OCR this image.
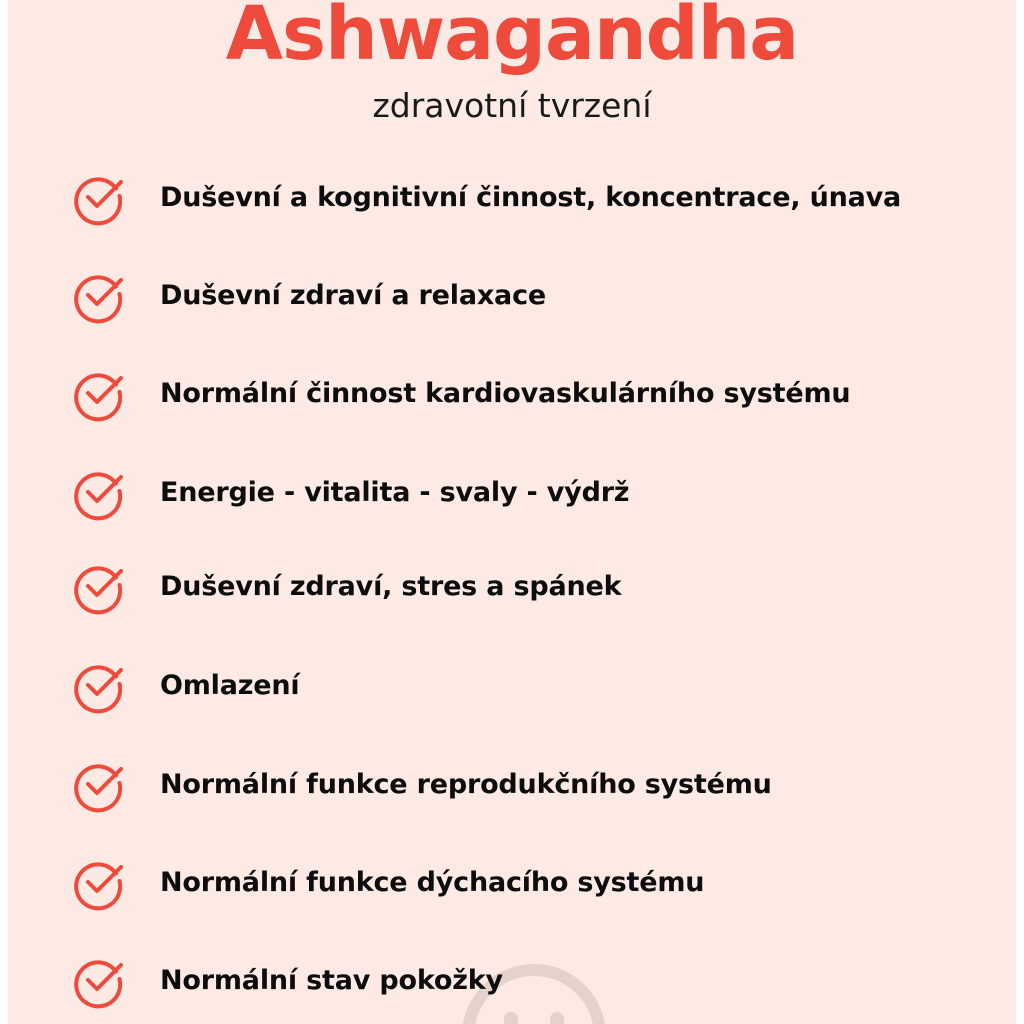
Ashwagandha

zdravotní tvrzení

Duševní a kognitivní činnost, koncentrace, únava
Duševní zdraví a relaxace
Normální činnost kardiovaskulárního systému
Energie - vitalita - svaly - výdrž
Duševní zdraví, stres a spánek
Omlazení
Normální funkce reprodukčního systému
Normální funkce dýchacího systému
Normální stav pokožky
